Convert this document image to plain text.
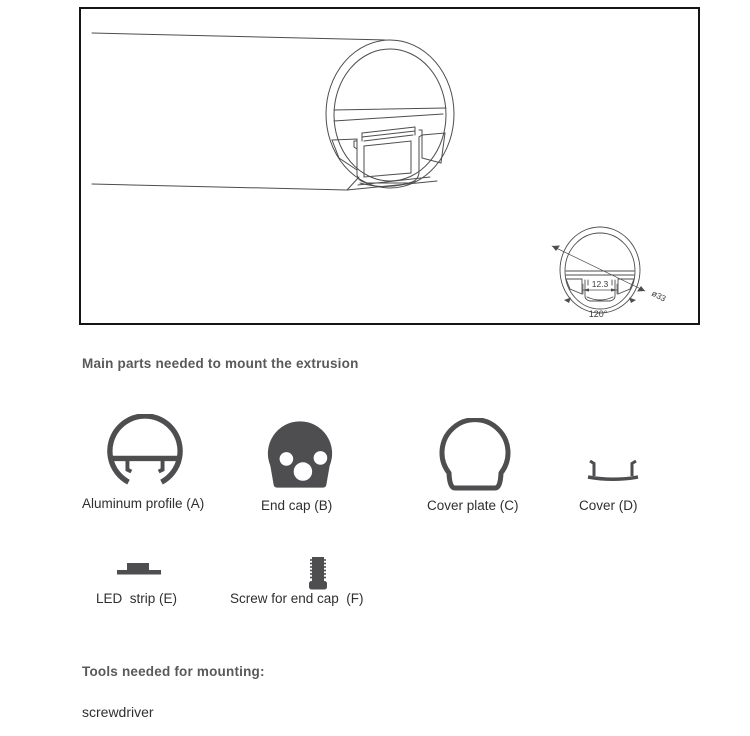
12.3
ø33
120°
Main parts needed to mount the extrusion
Aluminum profile (A)	End cap (B)	Cover plate (C)	Cover (D)
LED  strip (E)	Screw for end cap  (F)
Tools needed for mounting:
screwdriver
